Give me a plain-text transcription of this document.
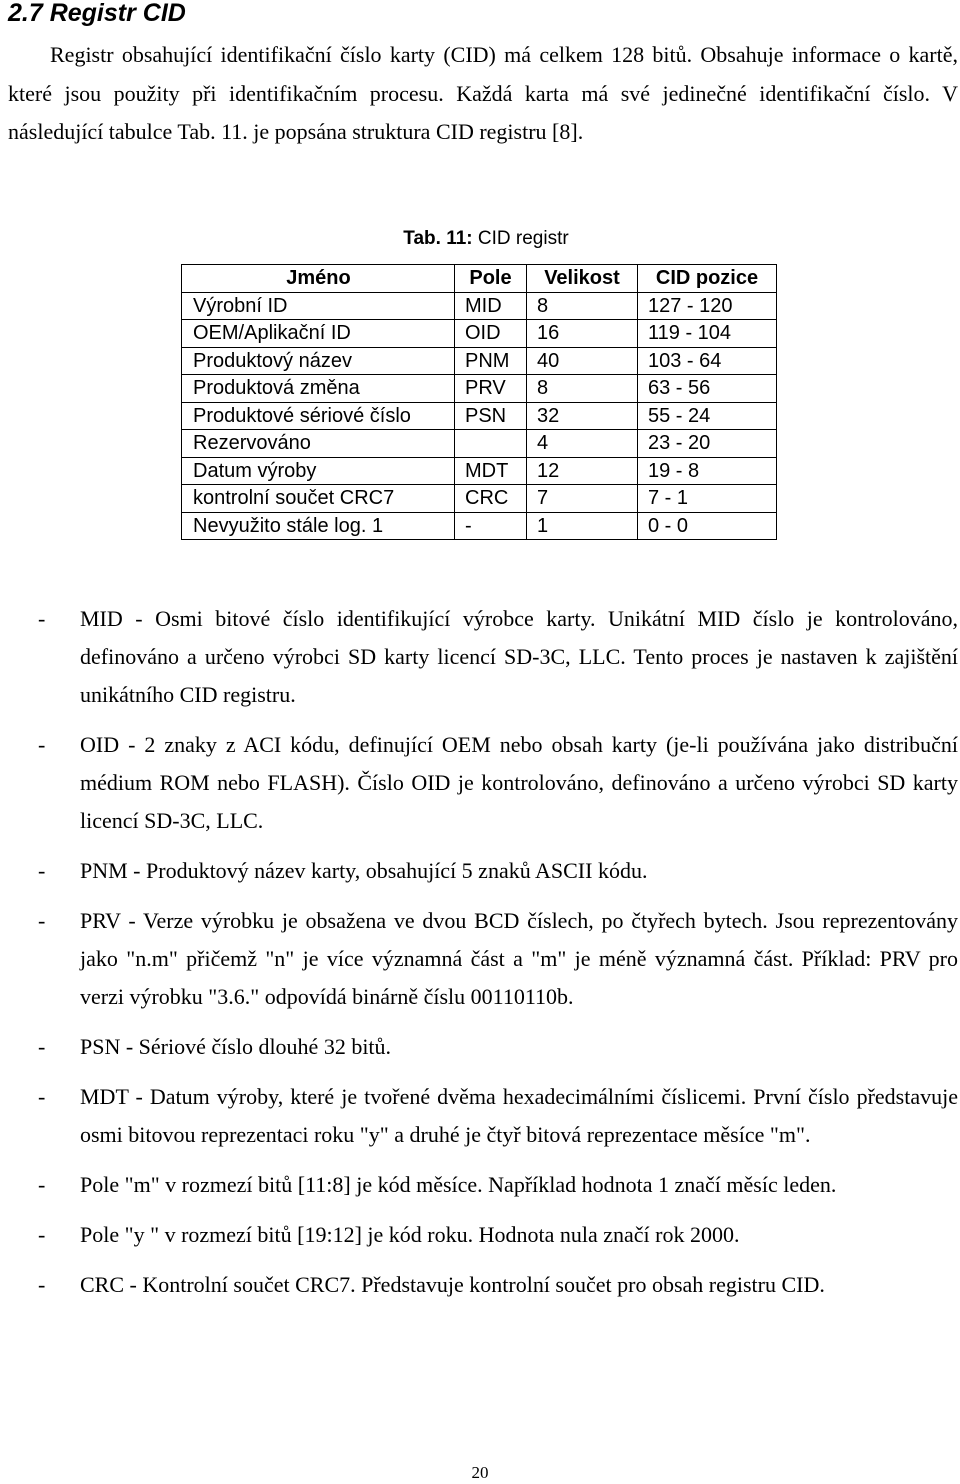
2.7 Registr CID

Registr obsahující identifikační číslo karty (CID) má celkem 128 bitů. Obsahuje informace o kartě, které jsou použity při identifikačním procesu. Každá karta má své jedinečné identifikační číslo. V následující tabulce Tab. 11. je popsána struktura CID registru [8].

Tab. 11: CID registr
Jméno	Pole	Velikost	CID pozice
Výrobní ID	MID	8	127 - 120
OEM/Aplikační ID	OID	16	119 - 104
Produktový název	PNM	40	103 - 64
Produktová změna	PRV	8	63 - 56
Produktové sériové číslo	PSN	32	55 - 24
Rezervováno		4	23 - 20
Datum výroby	MDT	12	19 - 8
kontrolní součet CRC7	CRC	7	7 - 1
Nevyužito stále log. 1	-	1	0 - 0
- MID - Osmi bitové číslo identifikující výrobce karty. Unikátní MID číslo je kontrolováno, definováno a určeno výrobci SD karty licencí SD-3C, LLC. Tento proces je nastaven k zajištění unikátního CID registru.
- OID - 2 znaky z ACI kódu, definující OEM nebo obsah karty (je-li používána jako distribuční médium ROM nebo FLASH). Číslo OID je kontrolováno, definováno a určeno výrobci SD karty licencí SD-3C, LLC.
- PNM - Produktový název karty, obsahující 5 znaků ASCII kódu.
- PRV - Verze výrobku je obsažena ve dvou BCD číslech, po čtyřech bytech. Jsou reprezentovány jako "n.m" přičemž "n" je více významná část a "m" je méně významná část. Příklad: PRV pro verzi výrobku "3.6." odpovídá binárně číslu 00110110b.
- PSN - Sériové číslo dlouhé 32 bitů.
- MDT - Datum výroby, které je tvořené dvěma hexadecimálními číslicemi. První číslo představuje osmi bitovou reprezentaci roku "y" a druhé je čtyř bitová reprezentace měsíce "m".
- Pole "m" v rozmezí bitů [11:8] je kód měsíce. Například hodnota 1 značí měsíc leden.
- Pole "y " v rozmezí bitů [19:12] je kód roku. Hodnota nula značí rok 2000.
- CRC - Kontrolní součet CRC7. Představuje kontrolní součet pro obsah registru CID.
20
